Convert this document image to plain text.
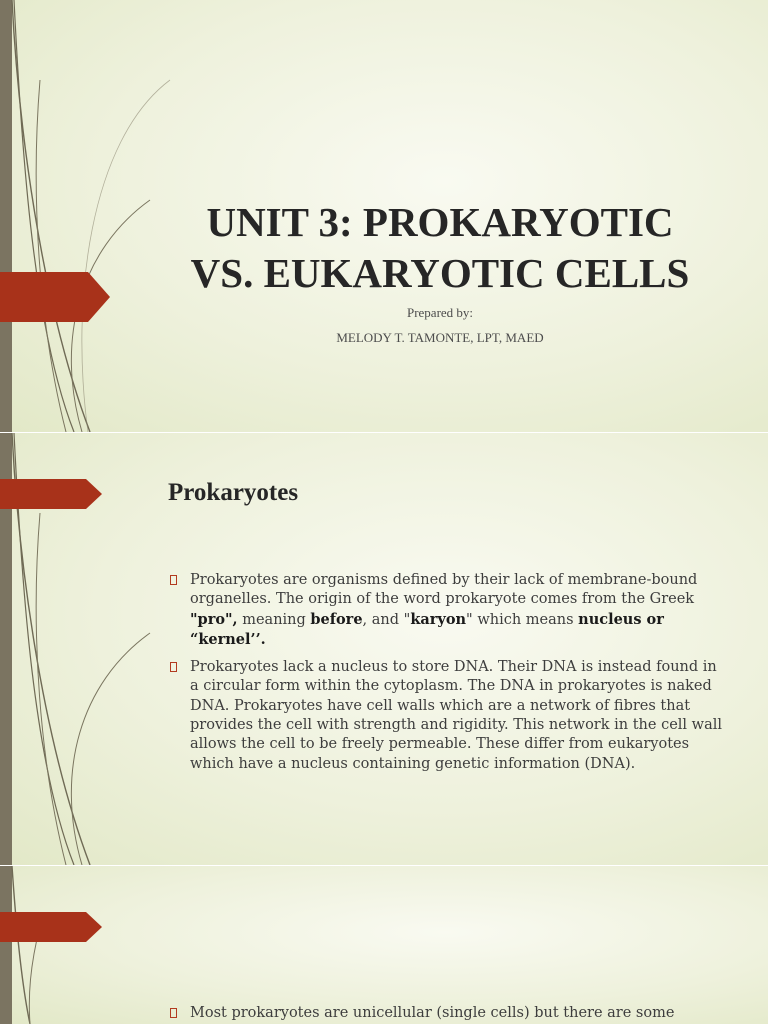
UNIT 3: PROKARYOTIC

VS. EUKARYOTIC CELLS

Prepared by:

MELODY T. TAMONTE, LPT, MAED

Prokaryotes
Prokaryotes are organisms defined by their lack of membrane-bound organelles. The origin of the word prokaryote comes from the Greek "pro", meaning before, and "karyon" which means nucleus or “kernel’’.
Prokaryotes lack a nucleus to store DNA. Their DNA is instead found in a circular form within the cytoplasm. The DNA in prokaryotes is naked DNA. Prokaryotes have cell walls which are a network of fibres that provides the cell with strength and rigidity. This network in the cell wall allows the cell to be freely permeable. These differ from eukaryotes which have a nucleus containing genetic information (DNA).
Most prokaryotes are unicellular (single cells) but there are some
